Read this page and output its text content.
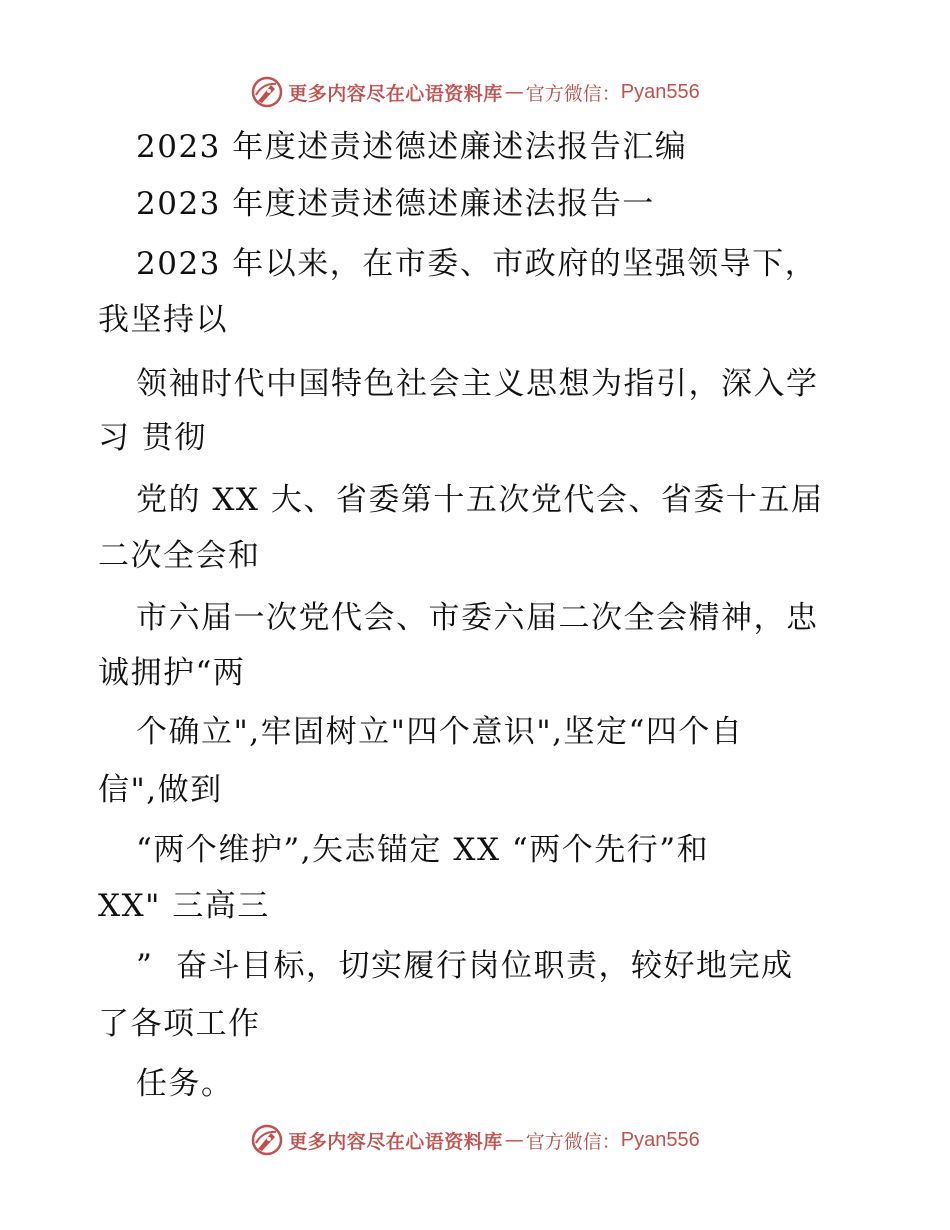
更多内容尽在心语资料库 — 官方微信： Pyan556
2023 年度述责述德述廉述法报告汇编
2023 年度述责述德述廉述法报告一
2023 年以来，在市委、市政府的坚强领导下，
我坚持以
领袖时代中国特色社会主义思想为指引，深入学
习 贯彻
党的 XX 大、省委第十五次党代会、省委十五届
二次全会和
市六届一次党代会、市委六届二次全会精神，忠
诚拥护“两
个确立",牢固树立"四个意识",坚定“四个自
信",做到
“两个维护”,矢志锚定 XX “两个先行”和
XX" 三高三
”  奋斗目标，切实履行岗位职责，较好地完成
了各项工作
任务。
更多内容尽在心语资料库 — 官方微信： Pyan556
